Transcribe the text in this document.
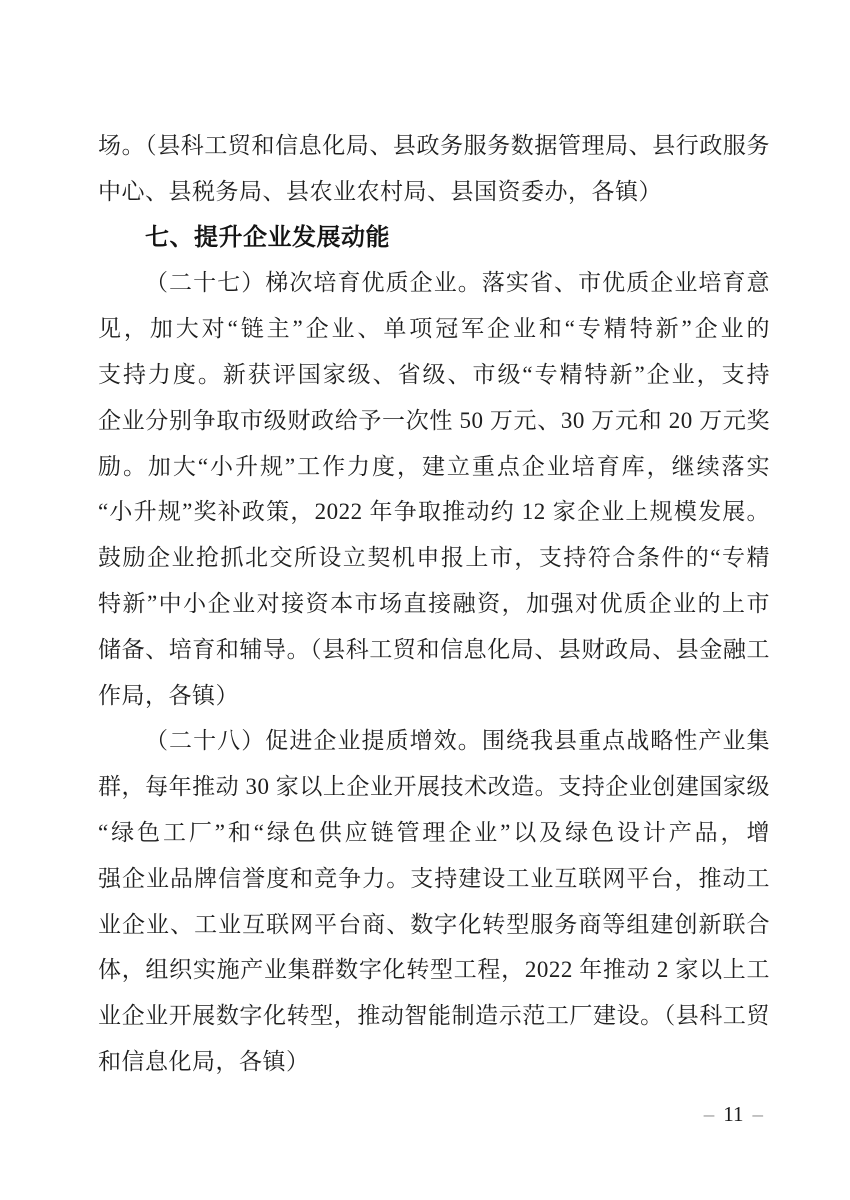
场。（县科工贸和信息化局、县政务服务数据管理局、县行政服务
中心、县税务局、县农业农村局、县国资委办，各镇）
七、提升企业发展动能
（二十七）梯次培育优质企业。落实省、市优质企业培育意
见，加大对“链主”企业、单项冠军企业和“专精特新”企业的
支持力度。新获评国家级、省级、市级“专精特新”企业，支持
企业分别争取市级财政给予一次性 50 万元、30 万元和 20 万元奖
励。加大“小升规”工作力度，建立重点企业培育库，继续落实
“小升规”奖补政策，2022 年争取推动约 12 家企业上规模发展。
鼓励企业抢抓北交所设立契机申报上市，支持符合条件的“专精
特新”中小企业对接资本市场直接融资，加强对优质企业的上市
储备、培育和辅导。（县科工贸和信息化局、县财政局、县金融工
作局，各镇）
（二十八）促进企业提质增效。围绕我县重点战略性产业集
群，每年推动 30 家以上企业开展技术改造。支持企业创建国家级
“绿色工厂”和“绿色供应链管理企业”以及绿色设计产品，增
强企业品牌信誉度和竞争力。支持建设工业互联网平台，推动工
业企业、工业互联网平台商、数字化转型服务商等组建创新联合
体，组织实施产业集群数字化转型工程，2022 年推动 2 家以上工
业企业开展数字化转型，推动智能制造示范工厂建设。（县科工贸
和信息化局，各镇）
– 11 –
